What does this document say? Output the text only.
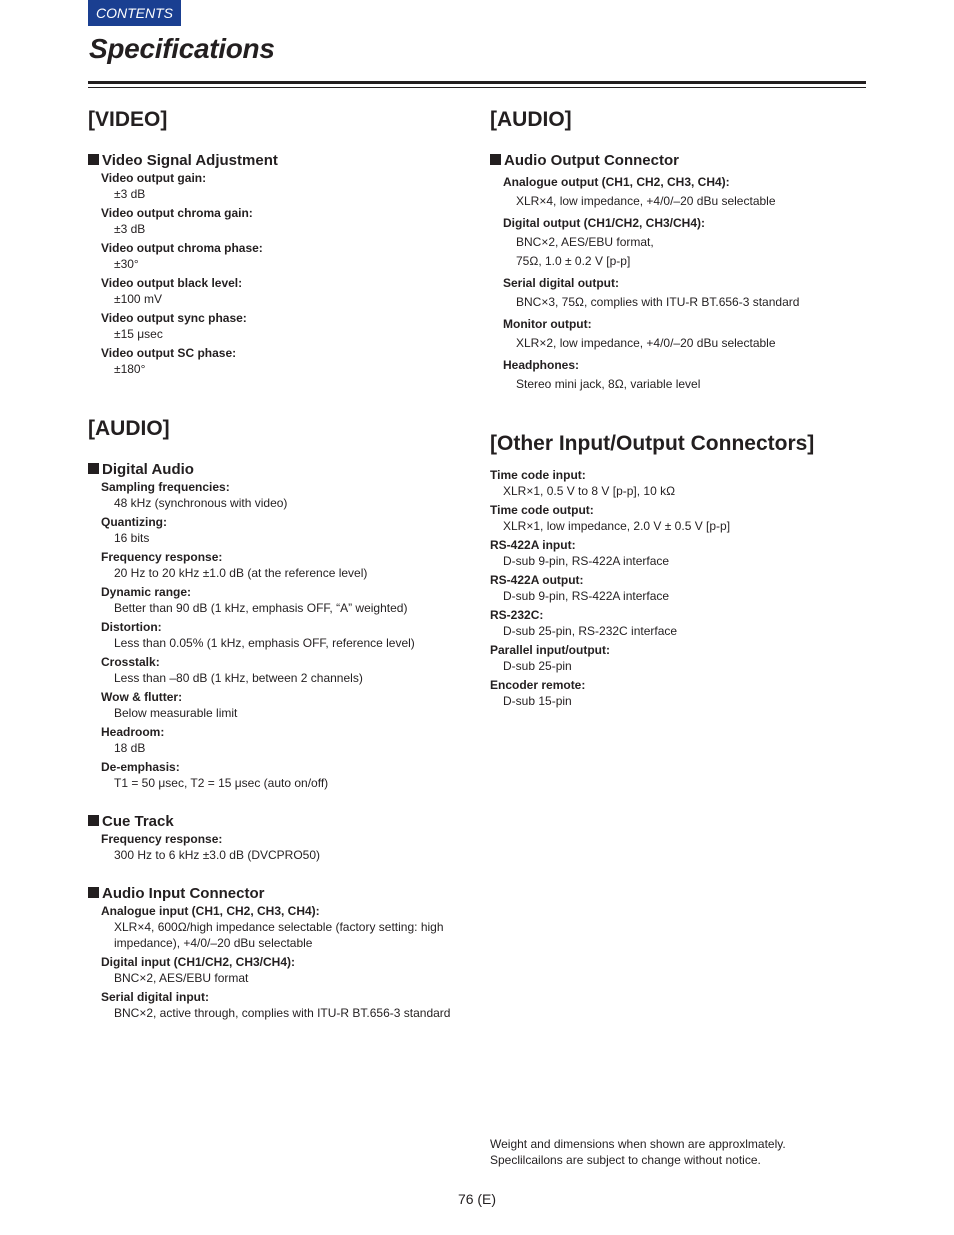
CONTENTS
Specifications
[VIDEO]
Video Signal Adjustment
Video output gain:
±3 dB
Video output chroma gain:
±3 dB
Video output chroma phase:
±30°
Video output black level:
±100 mV
Video output sync phase:
±15 μsec
Video output SC phase:
±180°
[AUDIO]
Digital Audio
Sampling frequencies:
48 kHz (synchronous with video)
Quantizing:
16 bits
Frequency response:
20 Hz to 20 kHz ±1.0 dB (at the reference level)
Dynamic range:
Better than 90 dB (1 kHz, emphasis OFF, “A” weighted)
Distortion:
Less than 0.05% (1 kHz, emphasis OFF, reference level)
Crosstalk:
Less than –80 dB (1 kHz, between 2 channels)
Wow & flutter:
Below measurable limit
Headroom:
18 dB
De-emphasis:
T1 = 50 μsec, T2 = 15 μsec (auto on/off)
Cue Track
Frequency response:
300 Hz to 6 kHz ±3.0 dB (DVCPRO50)
Audio Input Connector
Analogue input (CH1, CH2, CH3, CH4):
XLR×4, 600Ω/high impedance selectable (factory setting: high impedance), +4/0/–20 dBu selectable
Digital input (CH1/CH2, CH3/CH4):
BNC×2, AES/EBU format
Serial digital input:
BNC×2, active through, complies with ITU-R BT.656-3 standard
[AUDIO]
Audio Output Connector
Analogue output (CH1, CH2, CH3, CH4):
XLR×4, low impedance, +4/0/–20 dBu selectable
Digital output (CH1/CH2, CH3/CH4):
BNC×2, AES/EBU format,
75Ω, 1.0 ± 0.2 V [p-p]
Serial digital output:
BNC×3, 75Ω, complies with ITU-R BT.656-3 standard
Monitor output:
XLR×2, low impedance, +4/0/–20 dBu selectable
Headphones:
Stereo mini jack, 8Ω, variable level
[Other Input/Output Connectors]
Time code input:
XLR×1, 0.5 V to 8 V [p-p], 10 kΩ
Time code output:
XLR×1, low impedance, 2.0 V ± 0.5 V [p-p]
RS-422A input:
D-sub 9-pin, RS-422A interface
RS-422A output:
D-sub 9-pin, RS-422A interface
RS-232C:
D-sub 25-pin, RS-232C interface
Parallel input/output:
D-sub 25-pin
Encoder remote:
D-sub 15-pin
Weight and dimensions when shown are approxlmately.
Speclilcailons are subject to change without notice.
76 (E)
